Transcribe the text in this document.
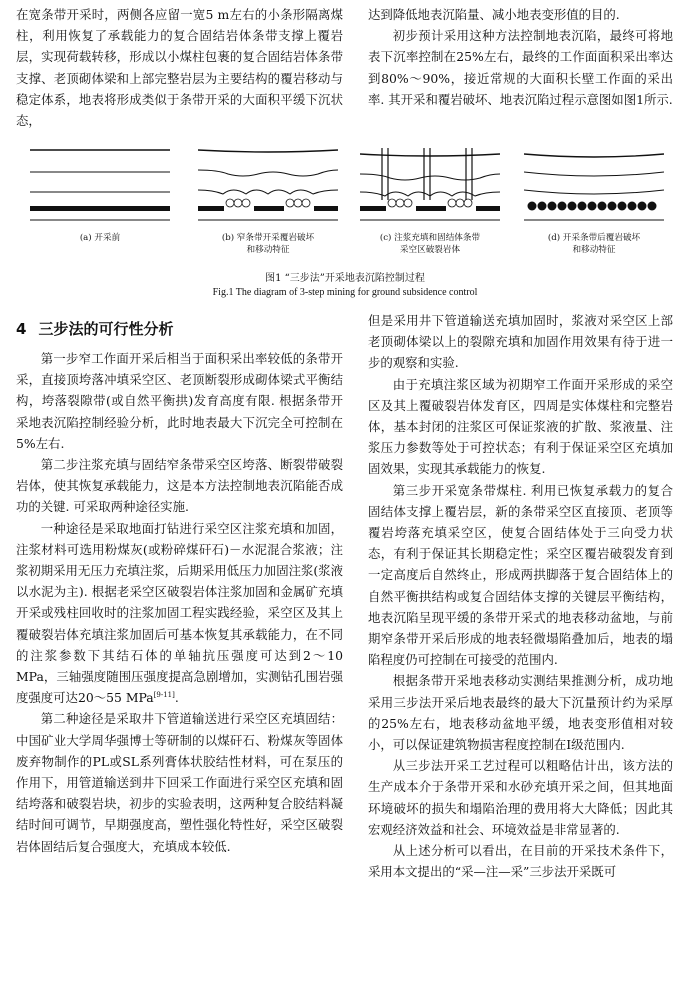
在宽条带开采时，两侧各应留一宽5 m左右的小条形隔离煤柱，利用恢复了承载能力的复合固结岩体条带支撑上覆岩层，实现荷载转移，形成以小煤柱包裹的复合固结岩体条带支撑、老顶砌体梁和上部完整岩层为主要结构的覆岩移动与稳定体系，地表将形成类似于条带开采的大面积平缓下沉状态，

达到降低地表沉陷量、减小地表变形值的目的.

初步预计采用这种方法控制地表沉陷，最终可将地表下沉率控制在25%左右，最终的工作面面积采出率达到80%～90%，接近常规的大面积长壁工作面的采出率. 其开采和覆岩破坏、地表沉陷过程示意图如图1所示.

(a) 开采前	(b) 窄条带开采覆岩破坏
和移动特征
(c) 注浆充填和固结体条带
采空区破裂岩体
(d) 开采条带后覆岩破坏
和移动特征
图1 “三步法”开采地表沉陷控制过程
Fig.1 The diagram of 3-step mining for ground subsidence control
4 三步法的可行性分析

第一步窄工作面开采后相当于面积采出率较低的条带开采，直接顶垮落冲填采空区、老顶断裂形成砌体梁式平衡结构，垮落裂隙带(或自然平衡拱)发育高度有限. 根据条带开采地表沉陷控制经验分析，此时地表最大下沉完全可控制在5%左右.

第二步注浆充填与固结窄条带采空区垮落、断裂带破裂岩体，使其恢复承载能力，这是本方法控制地表沉陷能否成功的关键. 可采取两种途径实施.

一种途径是采取地面打钻进行采空区注浆充填和加固，注浆材料可选用粉煤灰(或粉碎煤矸石)－水泥混合浆液；注浆初期采用无压力充填注浆，后期采用低压力加固注浆(浆液以水泥为主). 根据老采空区破裂岩体注浆加固和金属矿充填开采或残柱回收时的注浆加固工程实践经验，采空区及其上覆破裂岩体充填注浆加固后可基本恢复其承载能力，在不同的注浆参数下其结石体的单轴抗压强度可达到2～10 MPa，三轴强度随围压强度提高急剧增加，实测钻孔围岩强度强度可达20～55 MPa[9-11].

第二种途径是采取井下管道输送进行采空区充填固结：中国矿业大学周华强博士等研制的以煤矸石、粉煤灰等固体废弃物制作的PL或SL系列膏体状胶结性材料，可在泵压的作用下，用管道输送到井下回采工作面进行采空区充填和固结垮落和破裂岩块，初步的实验表明，这两种复合胶结料凝结时间可调节，早期强度高，塑性强化特性好，采空区破裂岩体固结后复合强度大，充填成本较低.

但是采用井下管道输送充填加固时，浆液对采空区上部老顶砌体梁以上的裂隙充填和加固作用效果有待于进一步的观察和实验.

由于充填注浆区域为初期窄工作面开采形成的采空区及其上覆破裂岩体发育区，四周是实体煤柱和完整岩体，基本封闭的注浆区可保证浆液的扩散、浆液量、注浆压力参数等处于可控状态；有利于保证采空区充填加固效果，实现其承载能力的恢复.

第三步开采宽条带煤柱. 利用已恢复承载力的复合固结体支撑上覆岩层，新的条带采空区直接顶、老顶等覆岩垮落充填采空区，使复合固结体处于三向受力状态，有利于保证其长期稳定性；采空区覆岩破裂发育到一定高度后自然终止，形成两拱脚落于复合固结体上的自然平衡拱结构或复合固结体支撑的关键层平衡结构，地表沉陷呈现平缓的条带开采式的地表移动盆地，与前期窄条带开采后形成的地表轻微塌陷叠加后，地表的塌陷程度仍可控制在可接受的范围内.

根据条带开采地表移动实测结果推测分析，成功地采用三步法开采后地表最终的最大下沉量预计约为采厚的25%左右，地表移动盆地平缓，地表变形值相对较小，可以保证建筑物损害程度控制在I级范围内.

从三步法开采工艺过程可以粗略估计出，该方法的生产成本介于条带开采和水砂充填开采之间，但其地面环境破坏的损失和塌陷治理的费用将大大降低；因此其宏观经济效益和社会、环境效益是非常显著的.

从上述分析可以看出，在目前的开采技术条件下，采用本文提出的“采—注—采”三步法开采既可
